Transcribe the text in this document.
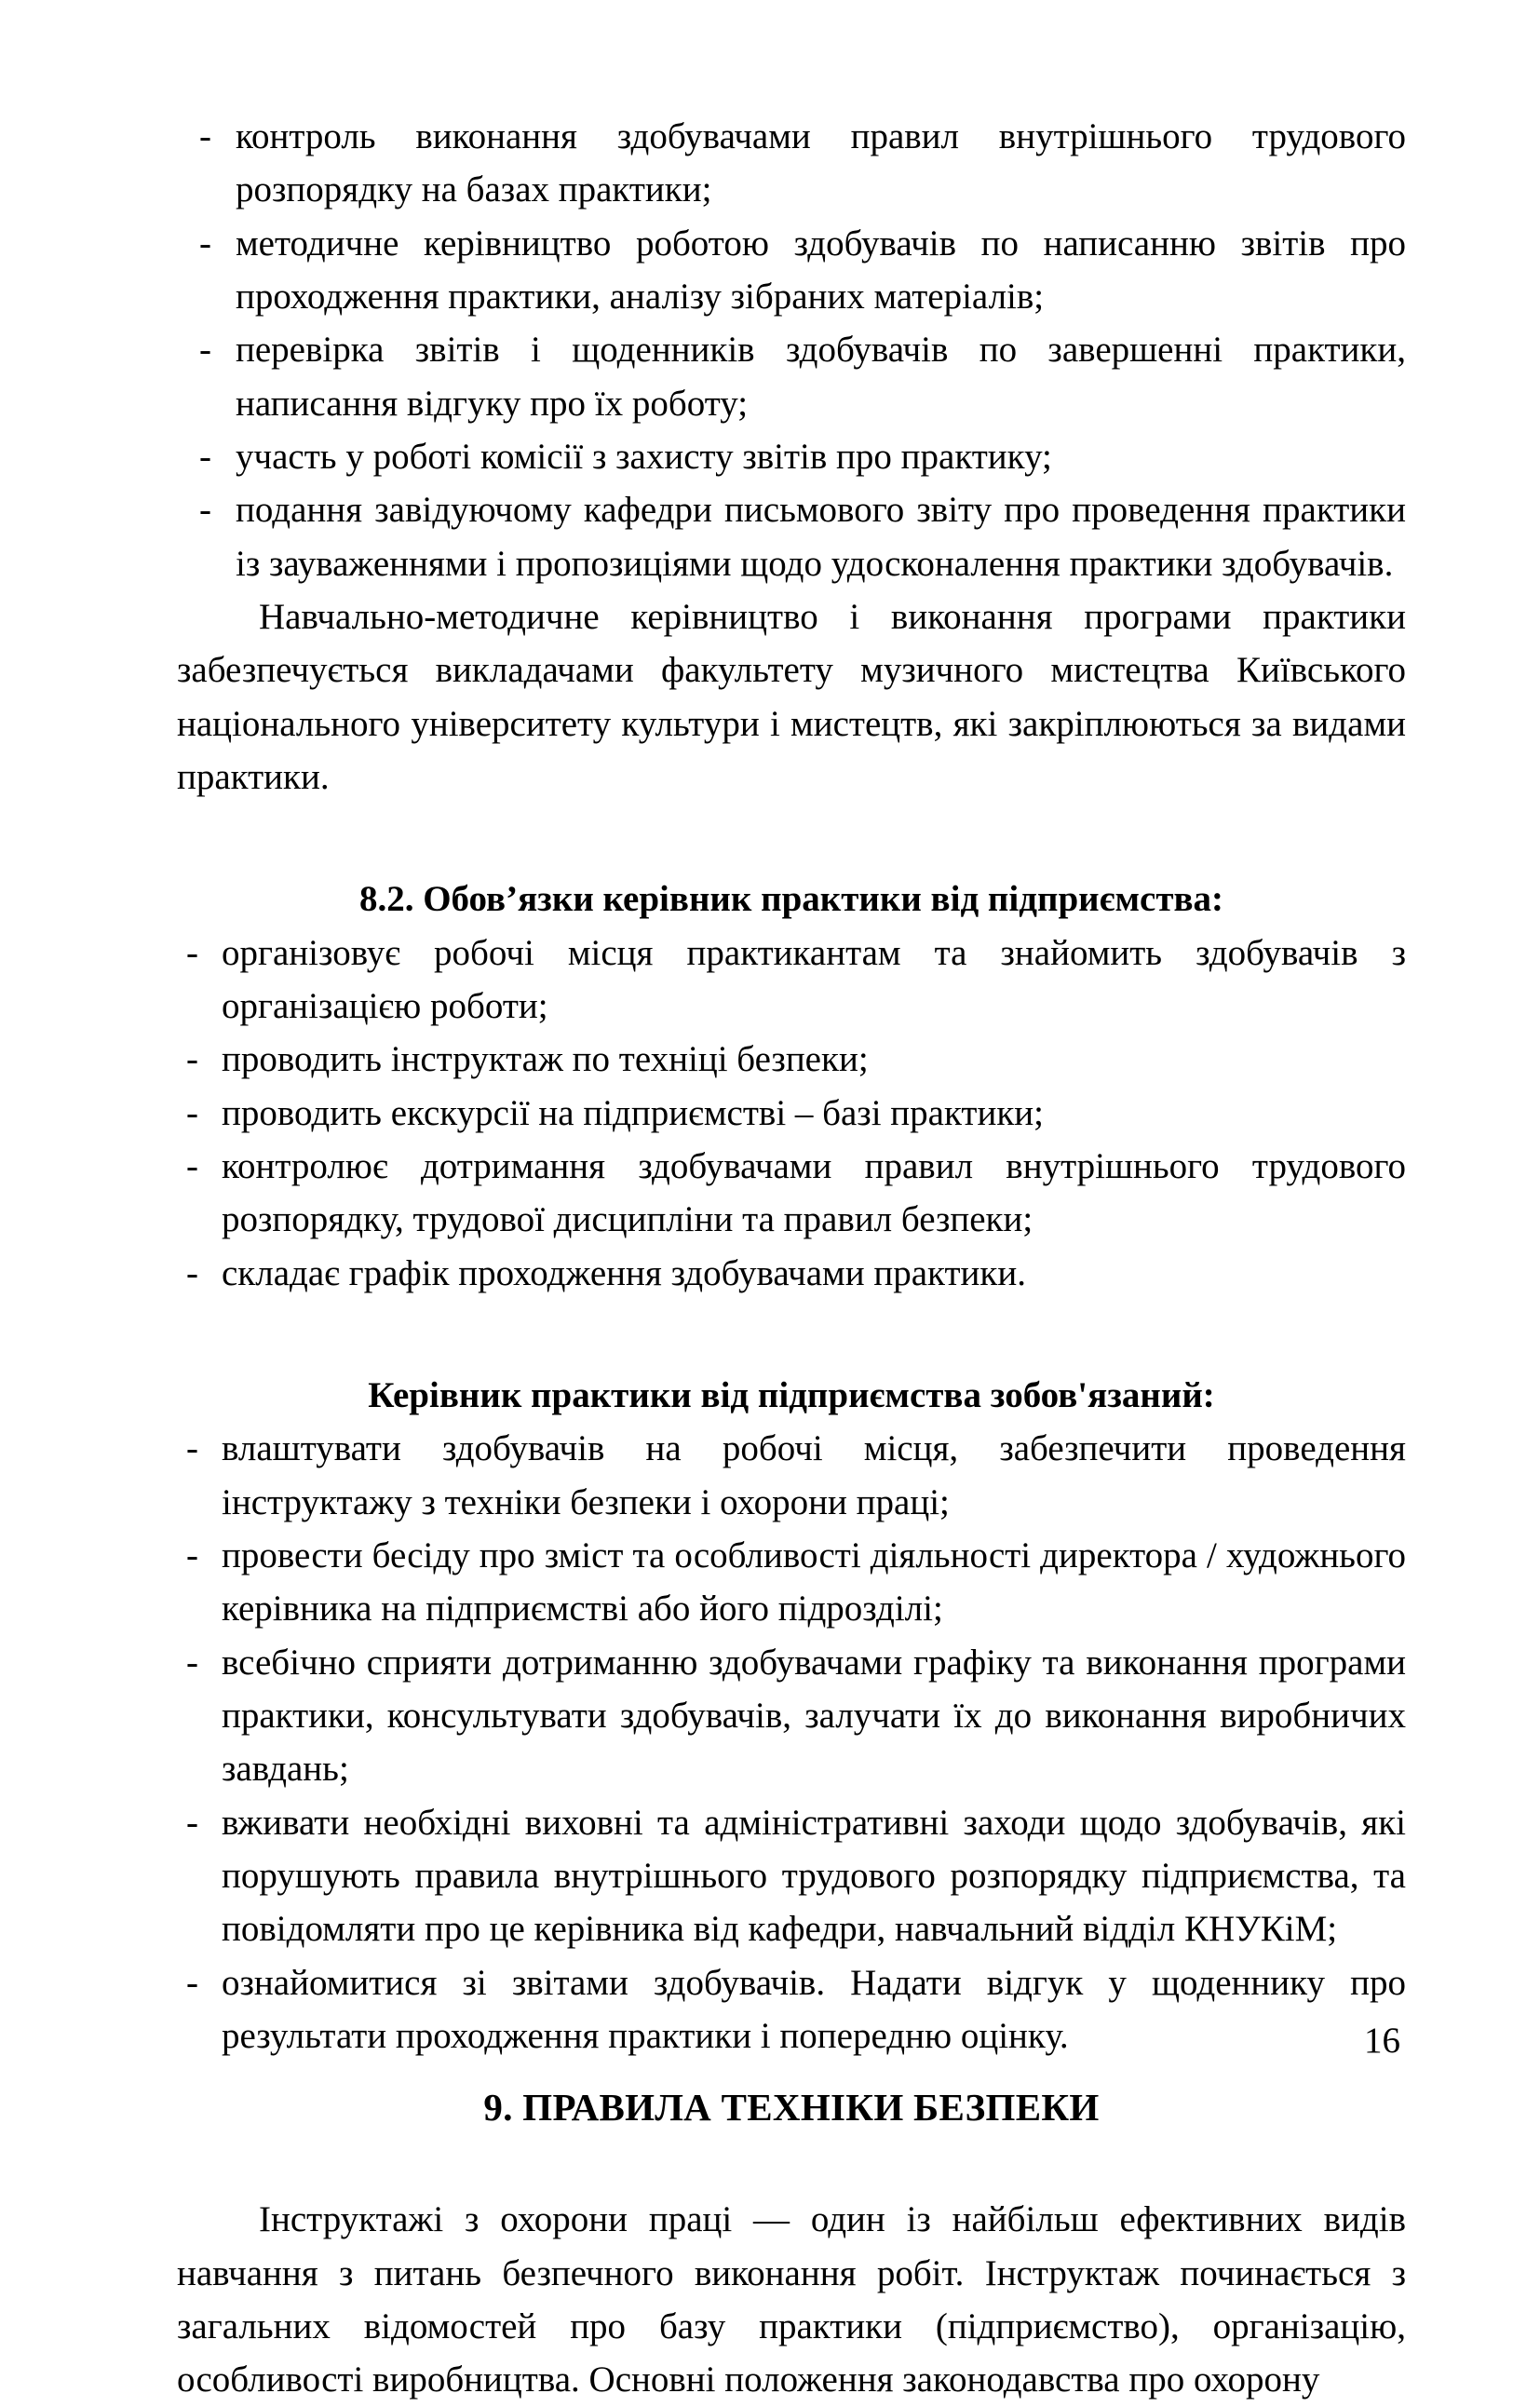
- контроль виконання здобувачами правил внутрішнього трудового розпорядку на базах практики;
- методичне керівництво роботою здобувачів по написанню звітів про проходження практики, аналізу зібраних матеріалів;
- перевірка звітів і щоденників здобувачів по завершенні практики, написання відгуку про їх роботу;
- участь у роботі комісії з захисту звітів про практику;
- подання завідуючому кафедри письмового звіту про проведення практики із зауваженнями і пропозиціями щодо удосконалення практики здобувачів.

Навчально-методичне керівництво і виконання програми практики забезпечується викладачами факультету музичного мистецтва Київського національного університету культури і мистецтв, які закріплюються за видами практики.

8.2. Обов’язки керівник практики від підприємства:

- організовує робочі місця практикантам та знайомить здобувачів з організацією роботи;
- проводить інструктаж по техніці безпеки;
- проводить екскурсії на підприємстві – базі практики;
- контролює дотримання здобувачами правил внутрішнього трудового розпорядку, трудової дисципліни та правил безпеки;
- складає графік проходження здобувачами практики.

Керівник практики від підприємства зобов'язаний:

- влаштувати здобувачів на робочі місця, забезпечити проведення інструктажу з техніки безпеки і охорони праці;
- провести бесіду про зміст та особливості діяльності директора / художнього керівника на підприємстві або його підрозділі;
- всебічно сприяти дотриманню здобувачами графіку та виконання програми практики, консультувати здобувачів, залучати їх до виконання виробничих завдань;
- вживати необхідні виховні та адміністративні заходи щодо здобувачів, які порушують правила внутрішнього трудового розпорядку підприємства, та повідомляти про це керівника від кафедри, навчальний відділ КНУКіМ;
- ознайомитися зі звітами здобувачів. Надати відгук у щоденнику про результати проходження практики і попередню оцінку.

9. ПРАВИЛА ТЕХНІКИ БЕЗПЕКИ

Інструктажі з охорони праці — один із найбільш ефективних видів навчання з питань безпечного виконання робіт. Інструктаж починається з загальних відомостей про базу практики (підприємство), організацію, особливості виробництва. Основні положення законодавства про охорону

16
